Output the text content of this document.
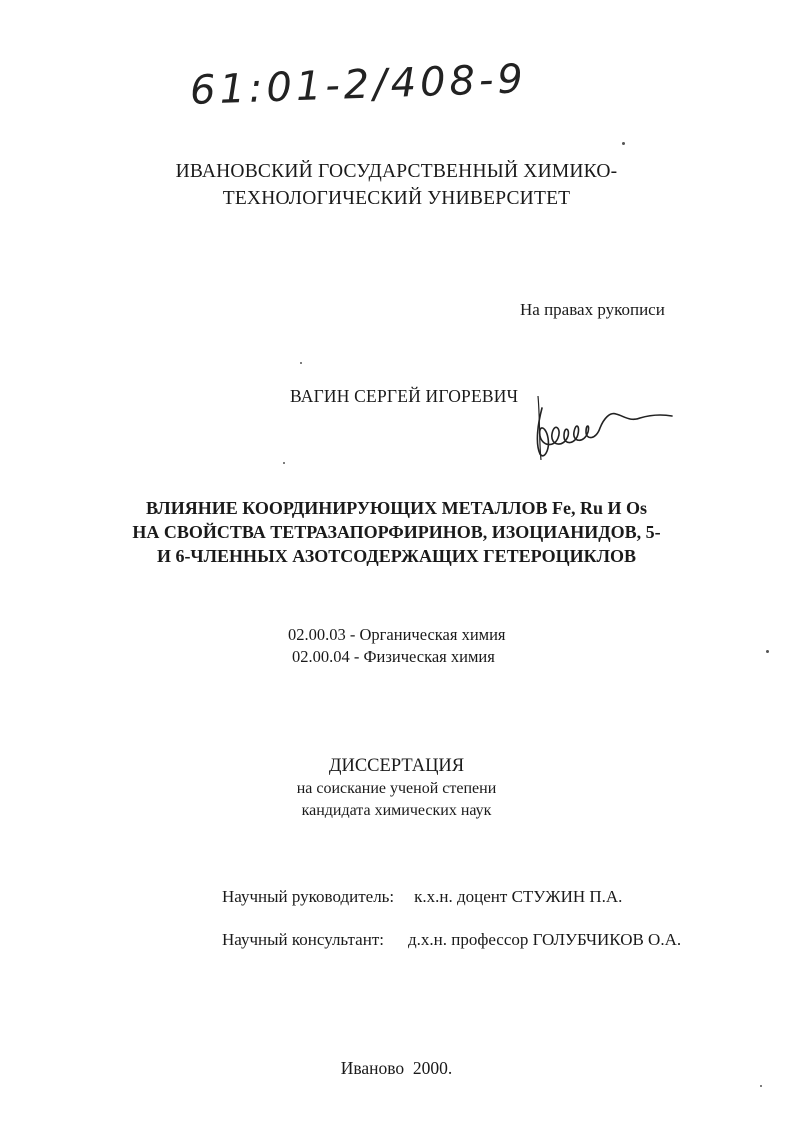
61:01-2/408-9
ИВАНОВСКИЙ ГОСУДАРСТВЕННЫЙ ХИМИКО-
ТЕХНОЛОГИЧЕСКИЙ УНИВЕРСИТЕТ
На правах рукописи
ВАГИН СЕРГЕЙ ИГОРЕВИЧ
ВЛИЯНИЕ КООРДИНИРУЮЩИХ МЕТАЛЛОВ Fe, Ru И Os
НА СВОЙСТВА ТЕТРАЗАПОРФИРИНОВ, ИЗОЦИАНИДОВ, 5-
И 6-ЧЛЕННЫХ АЗОТСОДЕРЖАЩИХ ГЕТЕРОЦИКЛОВ
02.00.03 - Органическая химия
02.00.04 - Физическая химия
ДИССЕРТАЦИЯ
на соискание ученой степени
кандидата химических наук
Научный руководитель: к.х.н. доцент СТУЖИН П.А.
Научный консультант: д.х.н. профессор ГОЛУБЧИКОВ О.А.
Иваново  2000.
